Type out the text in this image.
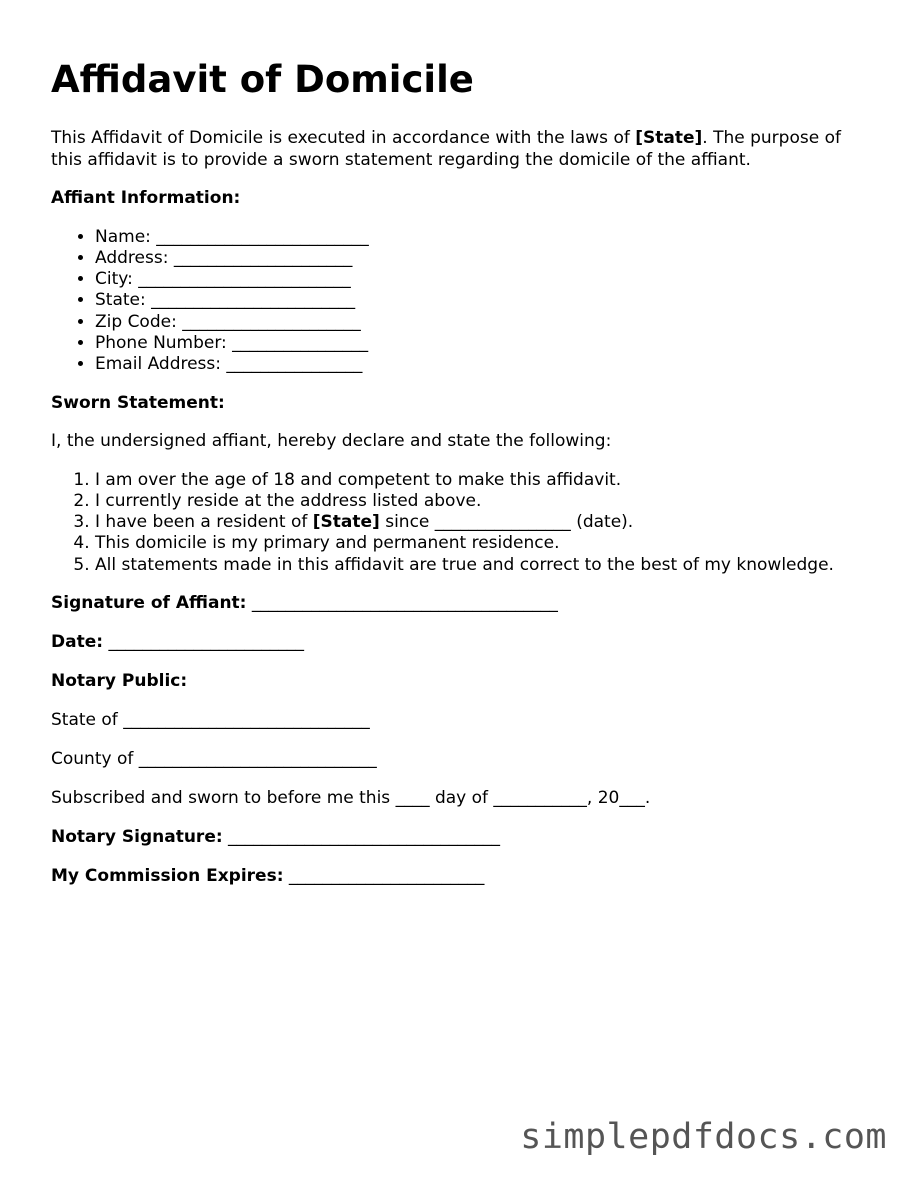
Affidavit of Domicile

This Affidavit of Domicile is executed in accordance with the laws of [State]. The purpose of this affidavit is to provide a sworn statement regarding the domicile of the affiant.

Affiant Information:
• Name: _________________________
• Address: _____________________
• City: _________________________
• State: ________________________
• Zip Code: _____________________
• Phone Number: ________________
• Email Address: ________________
Sworn Statement:

I, the undersigned affiant, hereby declare and state the following:

1. I am over the age of 18 and competent to make this affidavit.
2. I currently reside at the address listed above.
3. I have been a resident of [State] since ________________ (date).
4. This domicile is my primary and permanent residence.
5. All statements made in this affidavit are true and correct to the best of my knowledge.
Signature of Affiant: ____________________________________
Date: _______________________
Notary Public:
State of _____________________________
County of ____________________________
Subscribed and sworn to before me this ____ day of ___________, 20___.
Notary Signature: ________________________________
My Commission Expires: _______________________
simplepdfdocs.com
